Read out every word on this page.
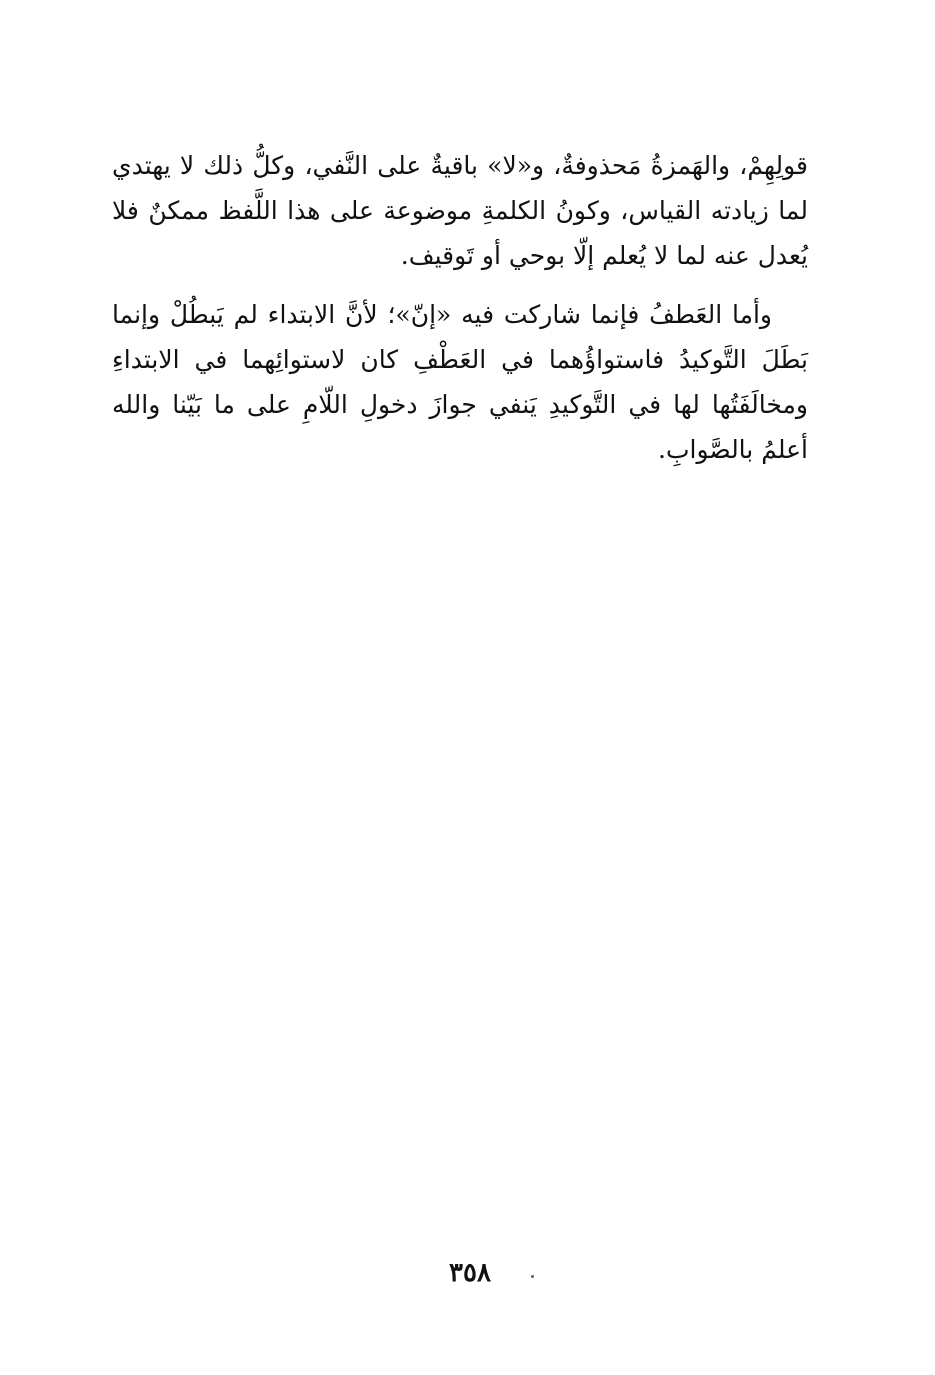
قولِهِمْ، والهَمزةُ مَحذوفةٌ، و«لا» باقيةٌ على النَّفي، وكلُّ ذلك لا يهتدي لما زيادته القياس، وكونُ الكلمةِ موضوعة على هذا اللَّفظ ممكنٌ فلا يُعدل عنه لما لا يُعلم إلّا بوحي أو تَوقيف.

وأما العَطفُ فإنما شاركت فيه «إنّ»؛ لأنَّ الابتداء لم يَبطُلْ وإنما بَطَلَ التَّوكيدُ فاستواؤُهما في العَطْفِ كان لاستوائِهما في الابتداءِ ومخالَفَتُها لها في التَّوكيدِ يَنفي جوازَ دخولِ اللّامِ على ما بَيّنا والله أعلمُ بالصَّوابِ.

٣٥٨
